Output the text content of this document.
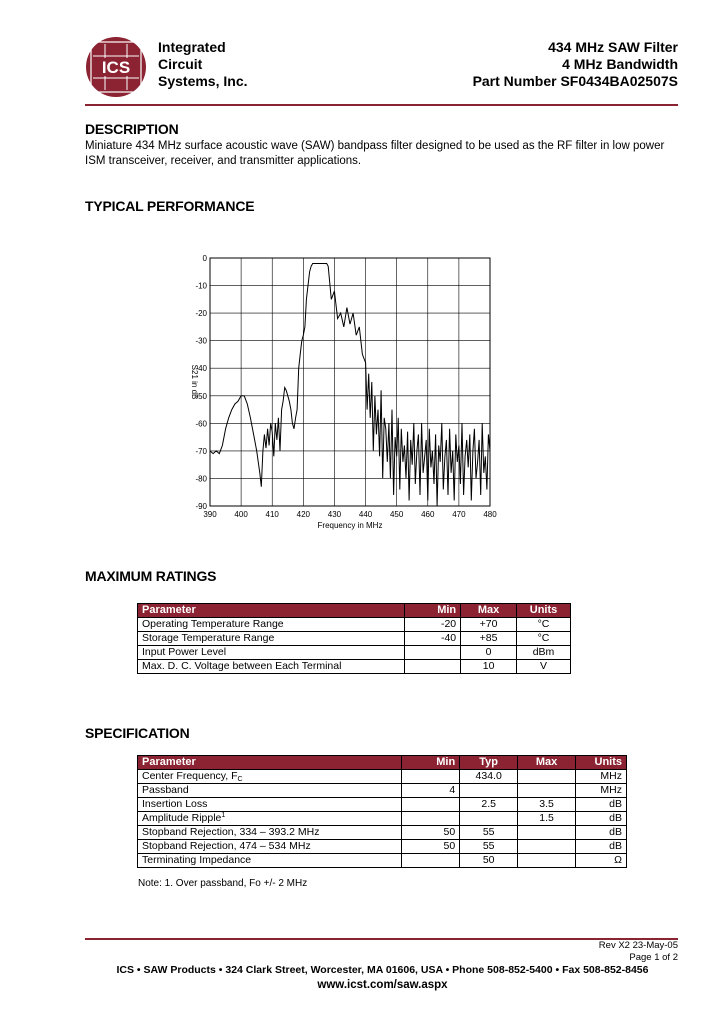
ICS
Integrated
Circuit
Systems, Inc.
434 MHz SAW Filter
4 MHz Bandwidth
Part Number SF0434BA02507S
DESCRIPTION
Miniature 434 MHz surface acoustic wave (SAW) bandpass filter designed to be used as the RF filter in low power ISM transceiver, receiver, and transmitter applications.
TYPICAL PERFORMANCE
390 400 410 420 430 440 450 460 470 480
0
-10
-20
-30
-40
-50
-60
-70
-80
-90
Frequency in MHz
S21 in dB
MAXIMUM RATINGS
Parameter	Min	Max	Units
Operating Temperature Range	-20	+70	°C
Storage Temperature Range	-40	+85	°C
Input Power Level		0	dBm
Max. D. C. Voltage between Each Terminal		10	V
SPECIFICATION
Parameter	Min	Typ	Max	Units
Center Frequency, $F_C$		434.0		MHz
Passband	4			MHz
Insertion Loss		2.5	3.5	dB
Amplitude Ripple$^1$			1.5	dB
Stopband Rejection, 334 – 393.2 MHz	50	55		dB
Stopband Rejection, 474 – 534 MHz	50	55		dB
Terminating Impedance		50		Ω
Note: 1. Over passband, Fo +/- 2 MHz
Rev X2 23-May-05
Page 1 of 2
ICS • SAW Products • 324 Clark Street, Worcester, MA 01606, USA • Phone 508-852-5400 • Fax 508-852-8456
www.icst.com/saw.aspx
